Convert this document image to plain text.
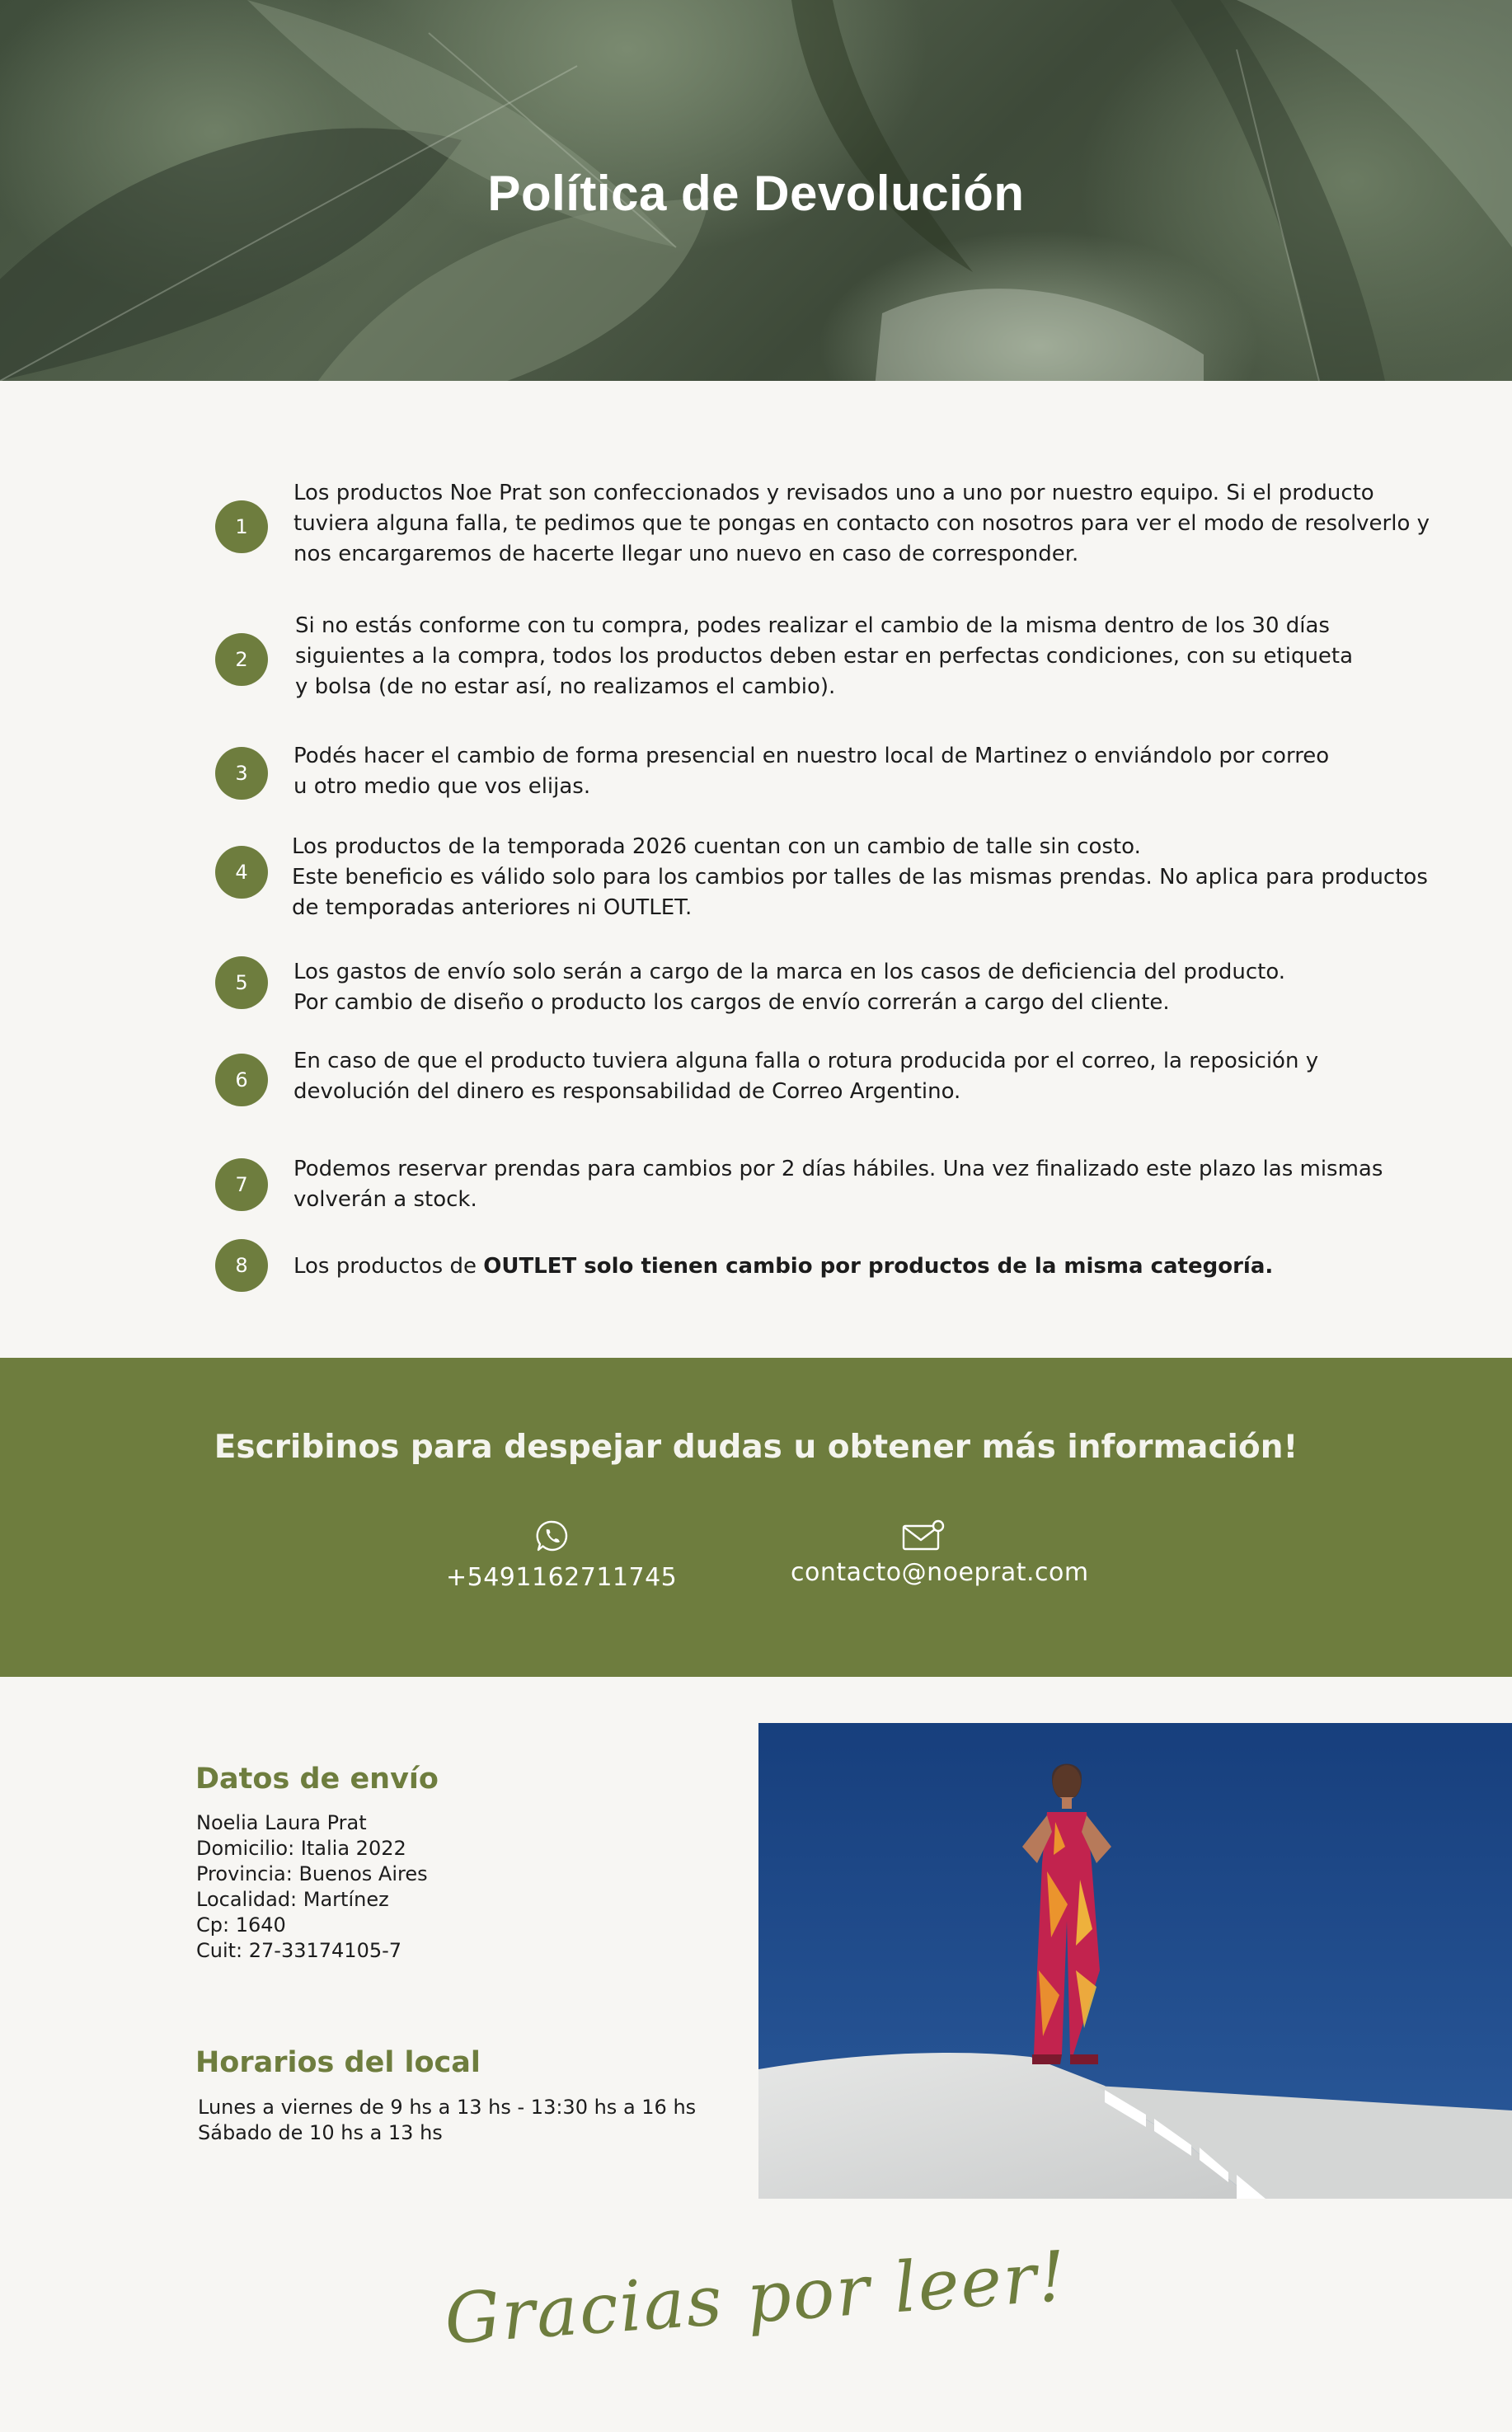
Política de Devolución
1
Los productos Noe Prat son confeccionados y revisados uno a uno por nuestro equipo. Si el producto
tuviera alguna falla, te pedimos que te pongas en contacto con nosotros para ver el modo de resolverlo y
nos encargaremos de hacerte llegar uno nuevo en caso de corresponder.
2
Si no estás conforme con tu compra, podes realizar el cambio de la misma dentro de los 30 días
siguientes a la compra, todos los productos deben estar en perfectas condiciones, con su etiqueta
y bolsa (de no estar así, no realizamos el cambio).
3
Podés hacer el cambio de forma presencial en nuestro local de Martinez o enviándolo por correo
u otro medio que vos elijas.
4
Los productos de la temporada 2026 cuentan con un cambio de talle sin costo.
Este beneficio es válido solo para los cambios por talles de las mismas prendas. No aplica para productos
de temporadas anteriores ni OUTLET.
5	Los gastos de envío solo serán a cargo de la marca en los casos de deficiencia del producto.
Por cambio de diseño o producto los cargos de envío correrán a cargo del cliente.
6
En caso de que el producto tuviera alguna falla o rotura producida por el correo, la reposición y
devolución del dinero es responsabilidad de Correo Argentino.
7
Podemos reservar prendas para cambios por 2 días hábiles. Una vez finalizado este plazo las mismas
volverán a stock.
8	Los productos de OUTLET solo tienen cambio por productos de la misma categoría.
Escribinos para despejar dudas u obtener más información!
+5491162711745	contacto@noeprat.com
Datos de envío
Noelia Laura Prat
Domicilio: Italia 2022
Provincia: Buenos Aires
Localidad: Martínez
Cp: 1640
Cuit: 27-33174105-7
Horarios del local
Lunes a viernes de 9 hs a 13 hs - 13:30 hs a 16 hs
Sábado de 10 hs a 13 hs
Gracias por leer!
